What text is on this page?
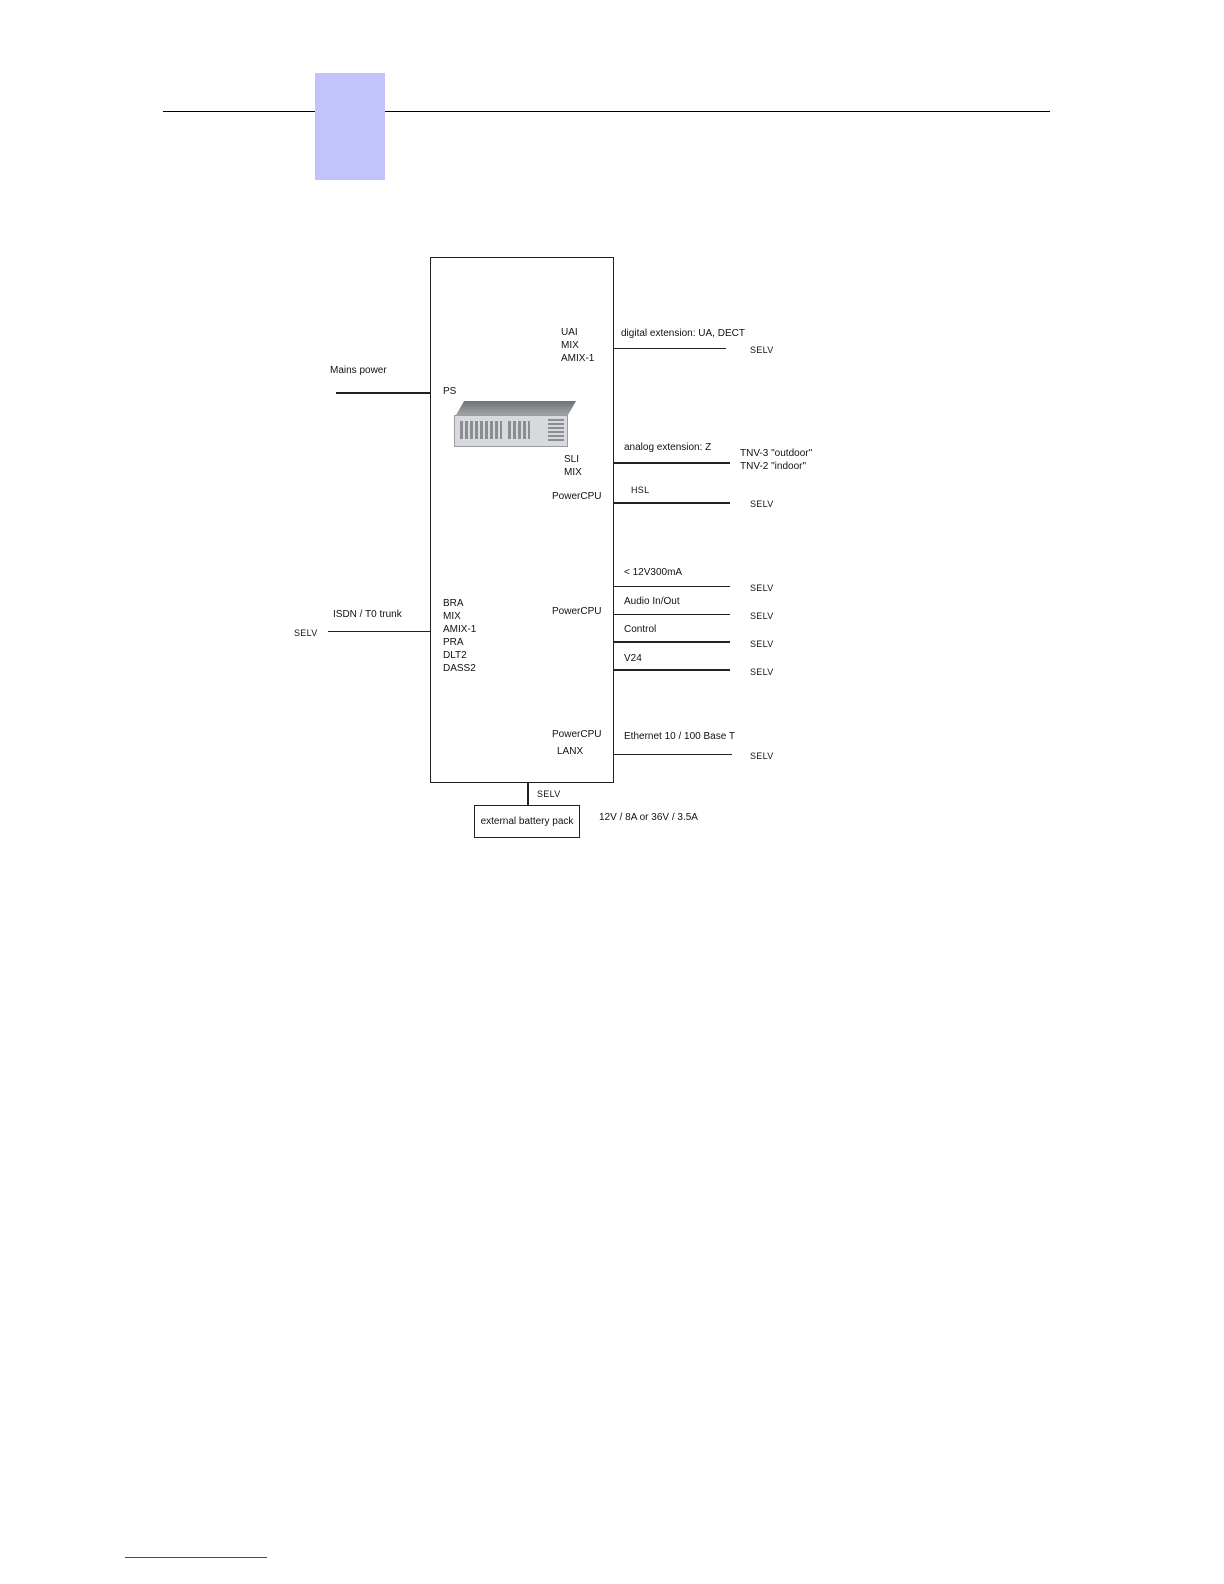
UAI
MIX
AMIX-1
PS
SLI
MIX
PowerCPU
BRA
MIX
AMIX-1
PRA
DLT2
DASS2
PowerCPU
PowerCPU
LANX
Mains power
ISDN / T0 trunk
SELV
digital extension: UA, DECT
SELV
analog extension: Z
TNV-3 "outdoor"
TNV-2 "indoor"
HSL
SELV
< 12V300mA
SELV
Audio In/Out
SELV
Control
SELV
V24
SELV
Ethernet 10 / 100 Base T
SELV
SELV
external battery pack	12V / 8A or 36V / 3.5A
